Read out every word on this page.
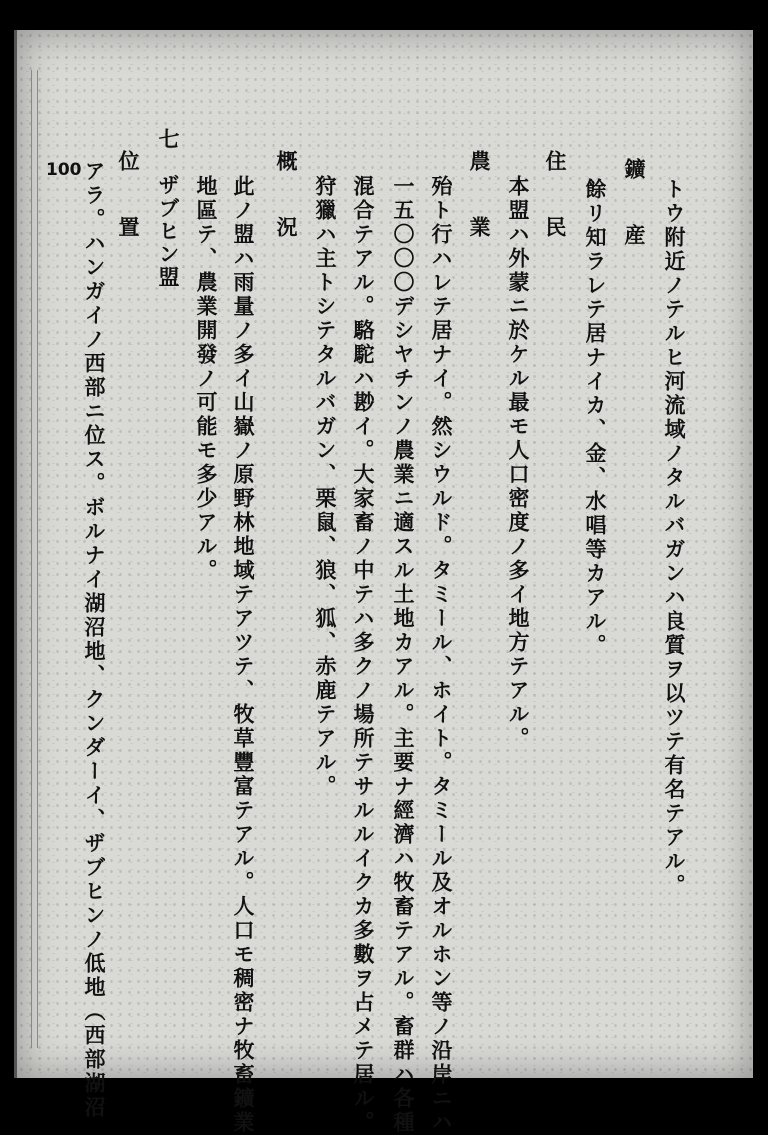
100
トウ附近ノテルヒ河流域ノタルバガンハ良質ヲ以ツテ有名テアル。
鑛　産
餘リ知ラレテ居ナイカ、金、水唱等カアル。
住　民
本盟ハ外蒙ニ於ケル最モ人口密度ノ多イ地方テアル。
農　業
殆ト行ハレテ居ナイ。然シウルド。タミール、ホイト。タミール及オルホン等ノ沿岸ニハ
一五〇〇〇デシヤチンノ農業ニ適スル土地カアル。主要ナ經濟ハ牧畜テアル。畜群ハ各種
混合テアル。駱駝ハ尠イ。大家畜ノ中テハ多クノ場所テサルルイクカ多數ヲ占メテ居ル。
狩獵ハ主トシテタルバガン、栗鼠、狼、狐、赤鹿テアル。
概　況
此ノ盟ハ雨量ノ多イ山嶽ノ原野林地域テアツテ、牧草豐富テアル。人口モ稠密ナ牧畜鑛業
地區テ、農業開發ノ可能モ多少アル。
七　ザブヒン盟
位　置
アラ。ハンガイノ西部ニ位ス。ボルナイ湖沼地、クンダーイ、ザブヒンノ低地（西部湖沼
